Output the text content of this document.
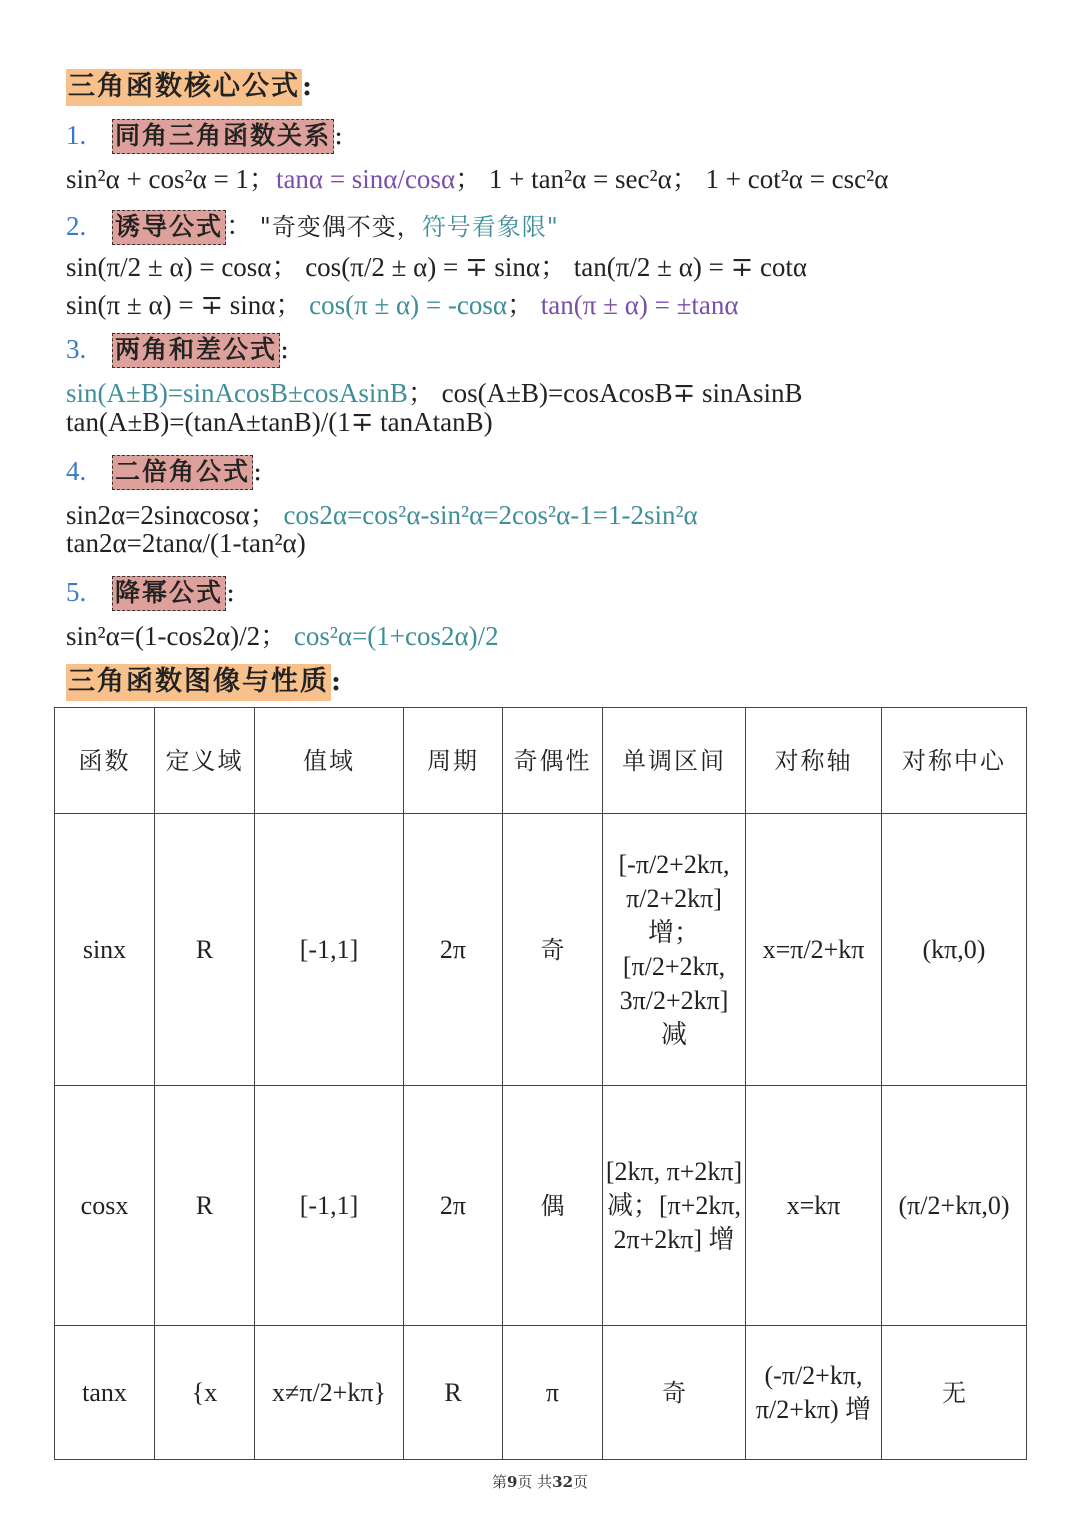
三角函数核心公式:
1. 同角三角函数关系 :
sin²α + cos²α = 1；tanα = sinα/cosα； 1 + tan²α = sec²α； 1 + cot²α = csc²α
2. 诱导公式 ： "奇变偶不变，符号看象限"
sin(π/2 ± α) = cosα； cos(π/2 ± α) = ∓ sinα； tan(π/2 ± α) = ∓ cotα
sin(π ± α) = ∓ sinα； cos(π ± α) = -cosα； tan(π ± α) = ±tanα
3. 两角和差公式 :
sin(A±B)=sinAcosB±cosAsinB； cos(A±B)=cosAcosB∓ sinAsinB
tan(A±B)=(tanA±tanB)/(1∓ tanAtanB)
4. 二倍角公式 :
sin2α=2sinαcosα； cos2α=cos²α-sin²α=2cos²α-1=1-2sin²α
tan2α=2tanα/(1-tan²α)
5. 降幂公式 :
sin²α=(1-cos2α)/2； cos²α=(1+cos2α)/2
三角函数图像与性质:
函数	定义域	值域	周期	奇偶性	单调区间	对称轴	对称中心
sinx	R	[-1,1]	2π	奇	[-π/2+2kπ, π/2+2kπ] 增；[π/2+2kπ, 3π/2+2kπ] 减	x=π/2+kπ	(kπ,0)
cosx	R	[-1,1]	2π	偶	[2kπ, π+2kπ] 减；[π+2kπ, 2π+2kπ] 增	x=kπ	(π/2+kπ,0)
tanx	{x	x≠π/2+kπ}	R	π	奇	(-π/2+kπ, π/2+kπ) 增	无
第9页 共32页
